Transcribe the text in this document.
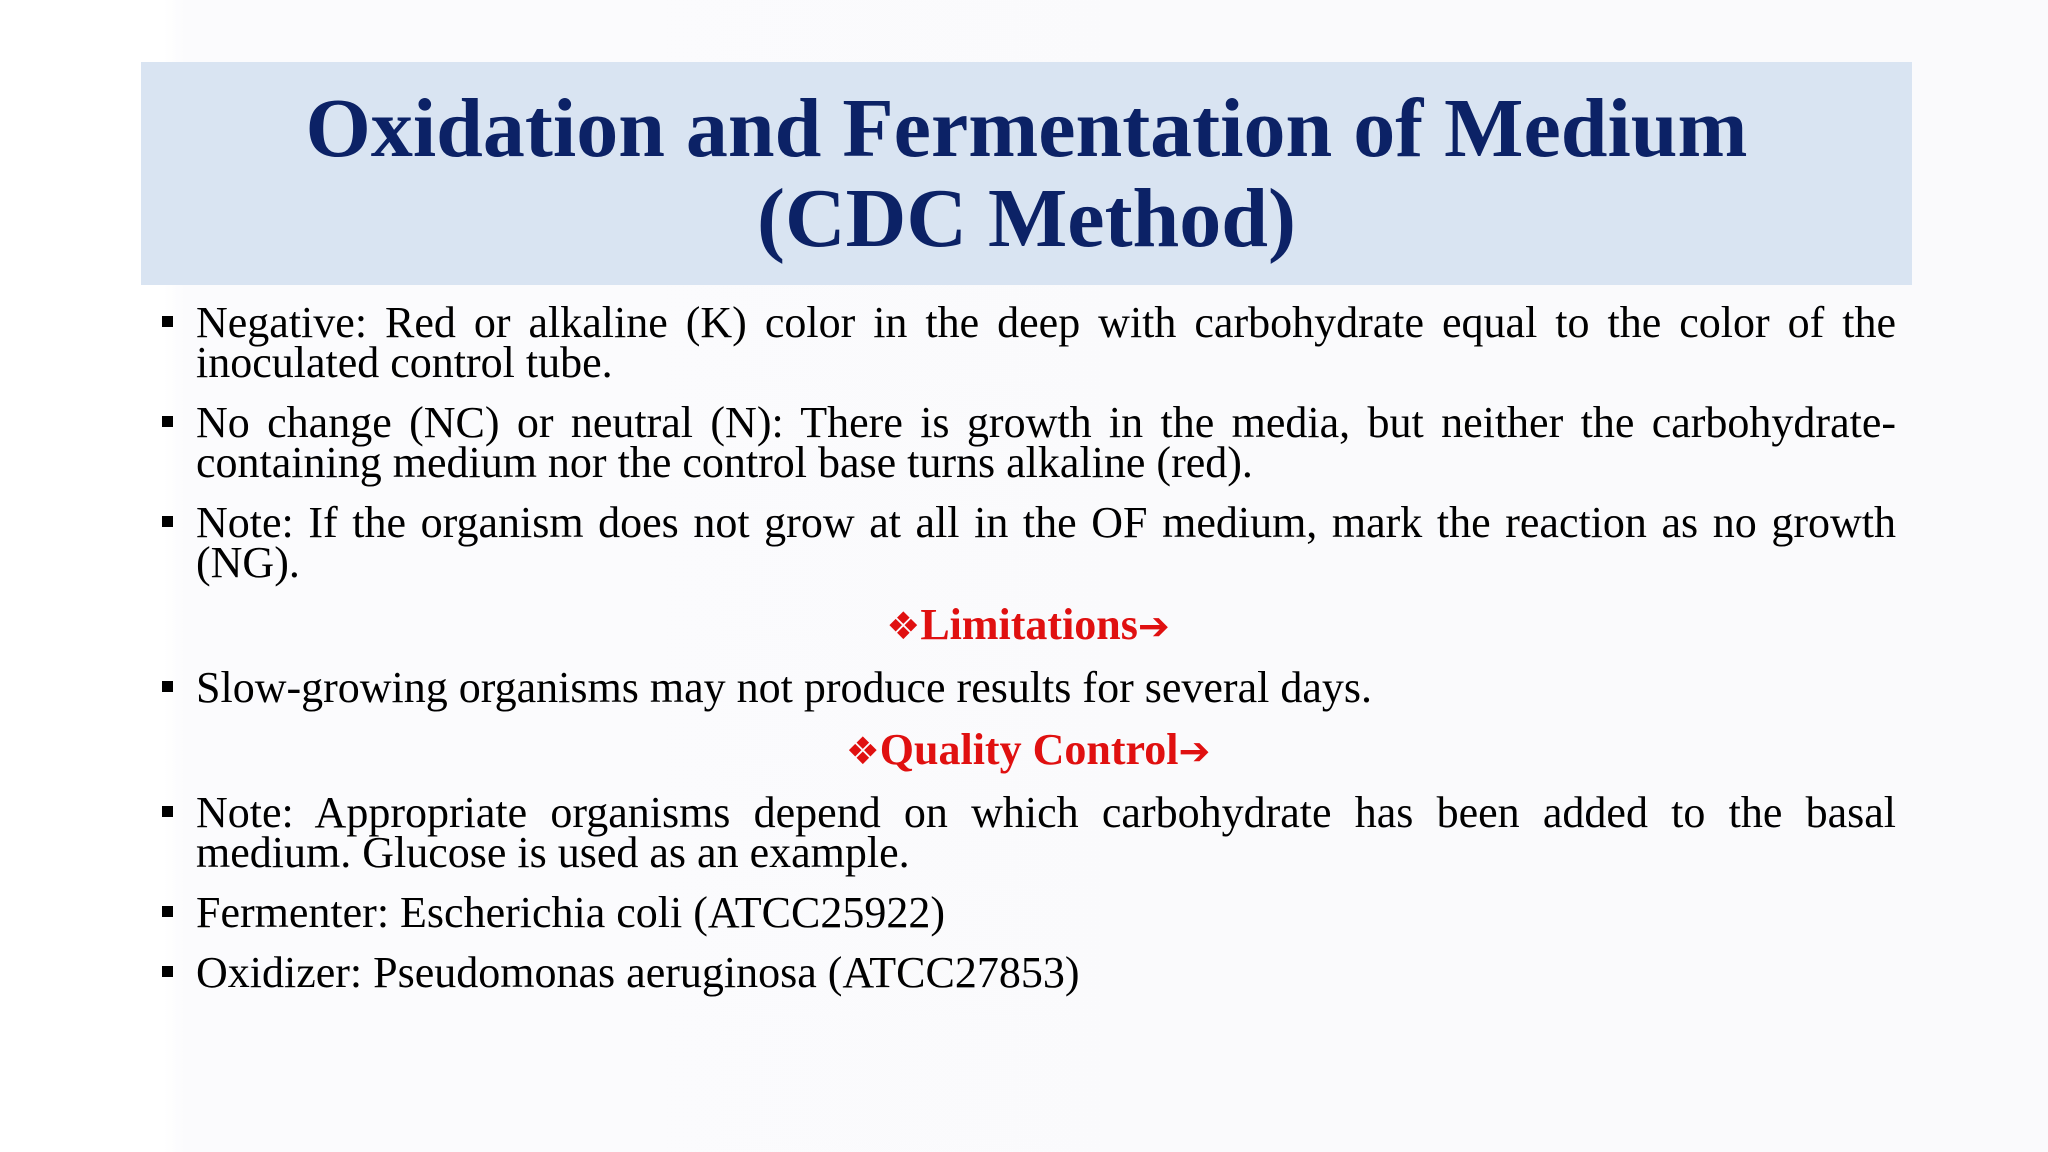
Oxidation and Fermentation of Medium
(CDC Method)
Negative: Red or alkaline (K) color in the deep with carbohydrate equal to the color of the inoculated control tube.
No change (NC) or neutral (N): There is growth in the media, but neither the carbohydrate-containing medium nor the control base turns alkaline (red).
Note: If the organism does not grow at all in the OF medium, mark the reaction as no growth (NG).
❖Limitations➔
Slow-growing organisms may not produce results for several days.
❖Quality Control➔
Note: Appropriate organisms depend on which carbohydrate has been added to the basal medium. Glucose is used as an example.
Fermenter: Escherichia coli (ATCC25922)
Oxidizer: Pseudomonas aeruginosa (ATCC27853)
